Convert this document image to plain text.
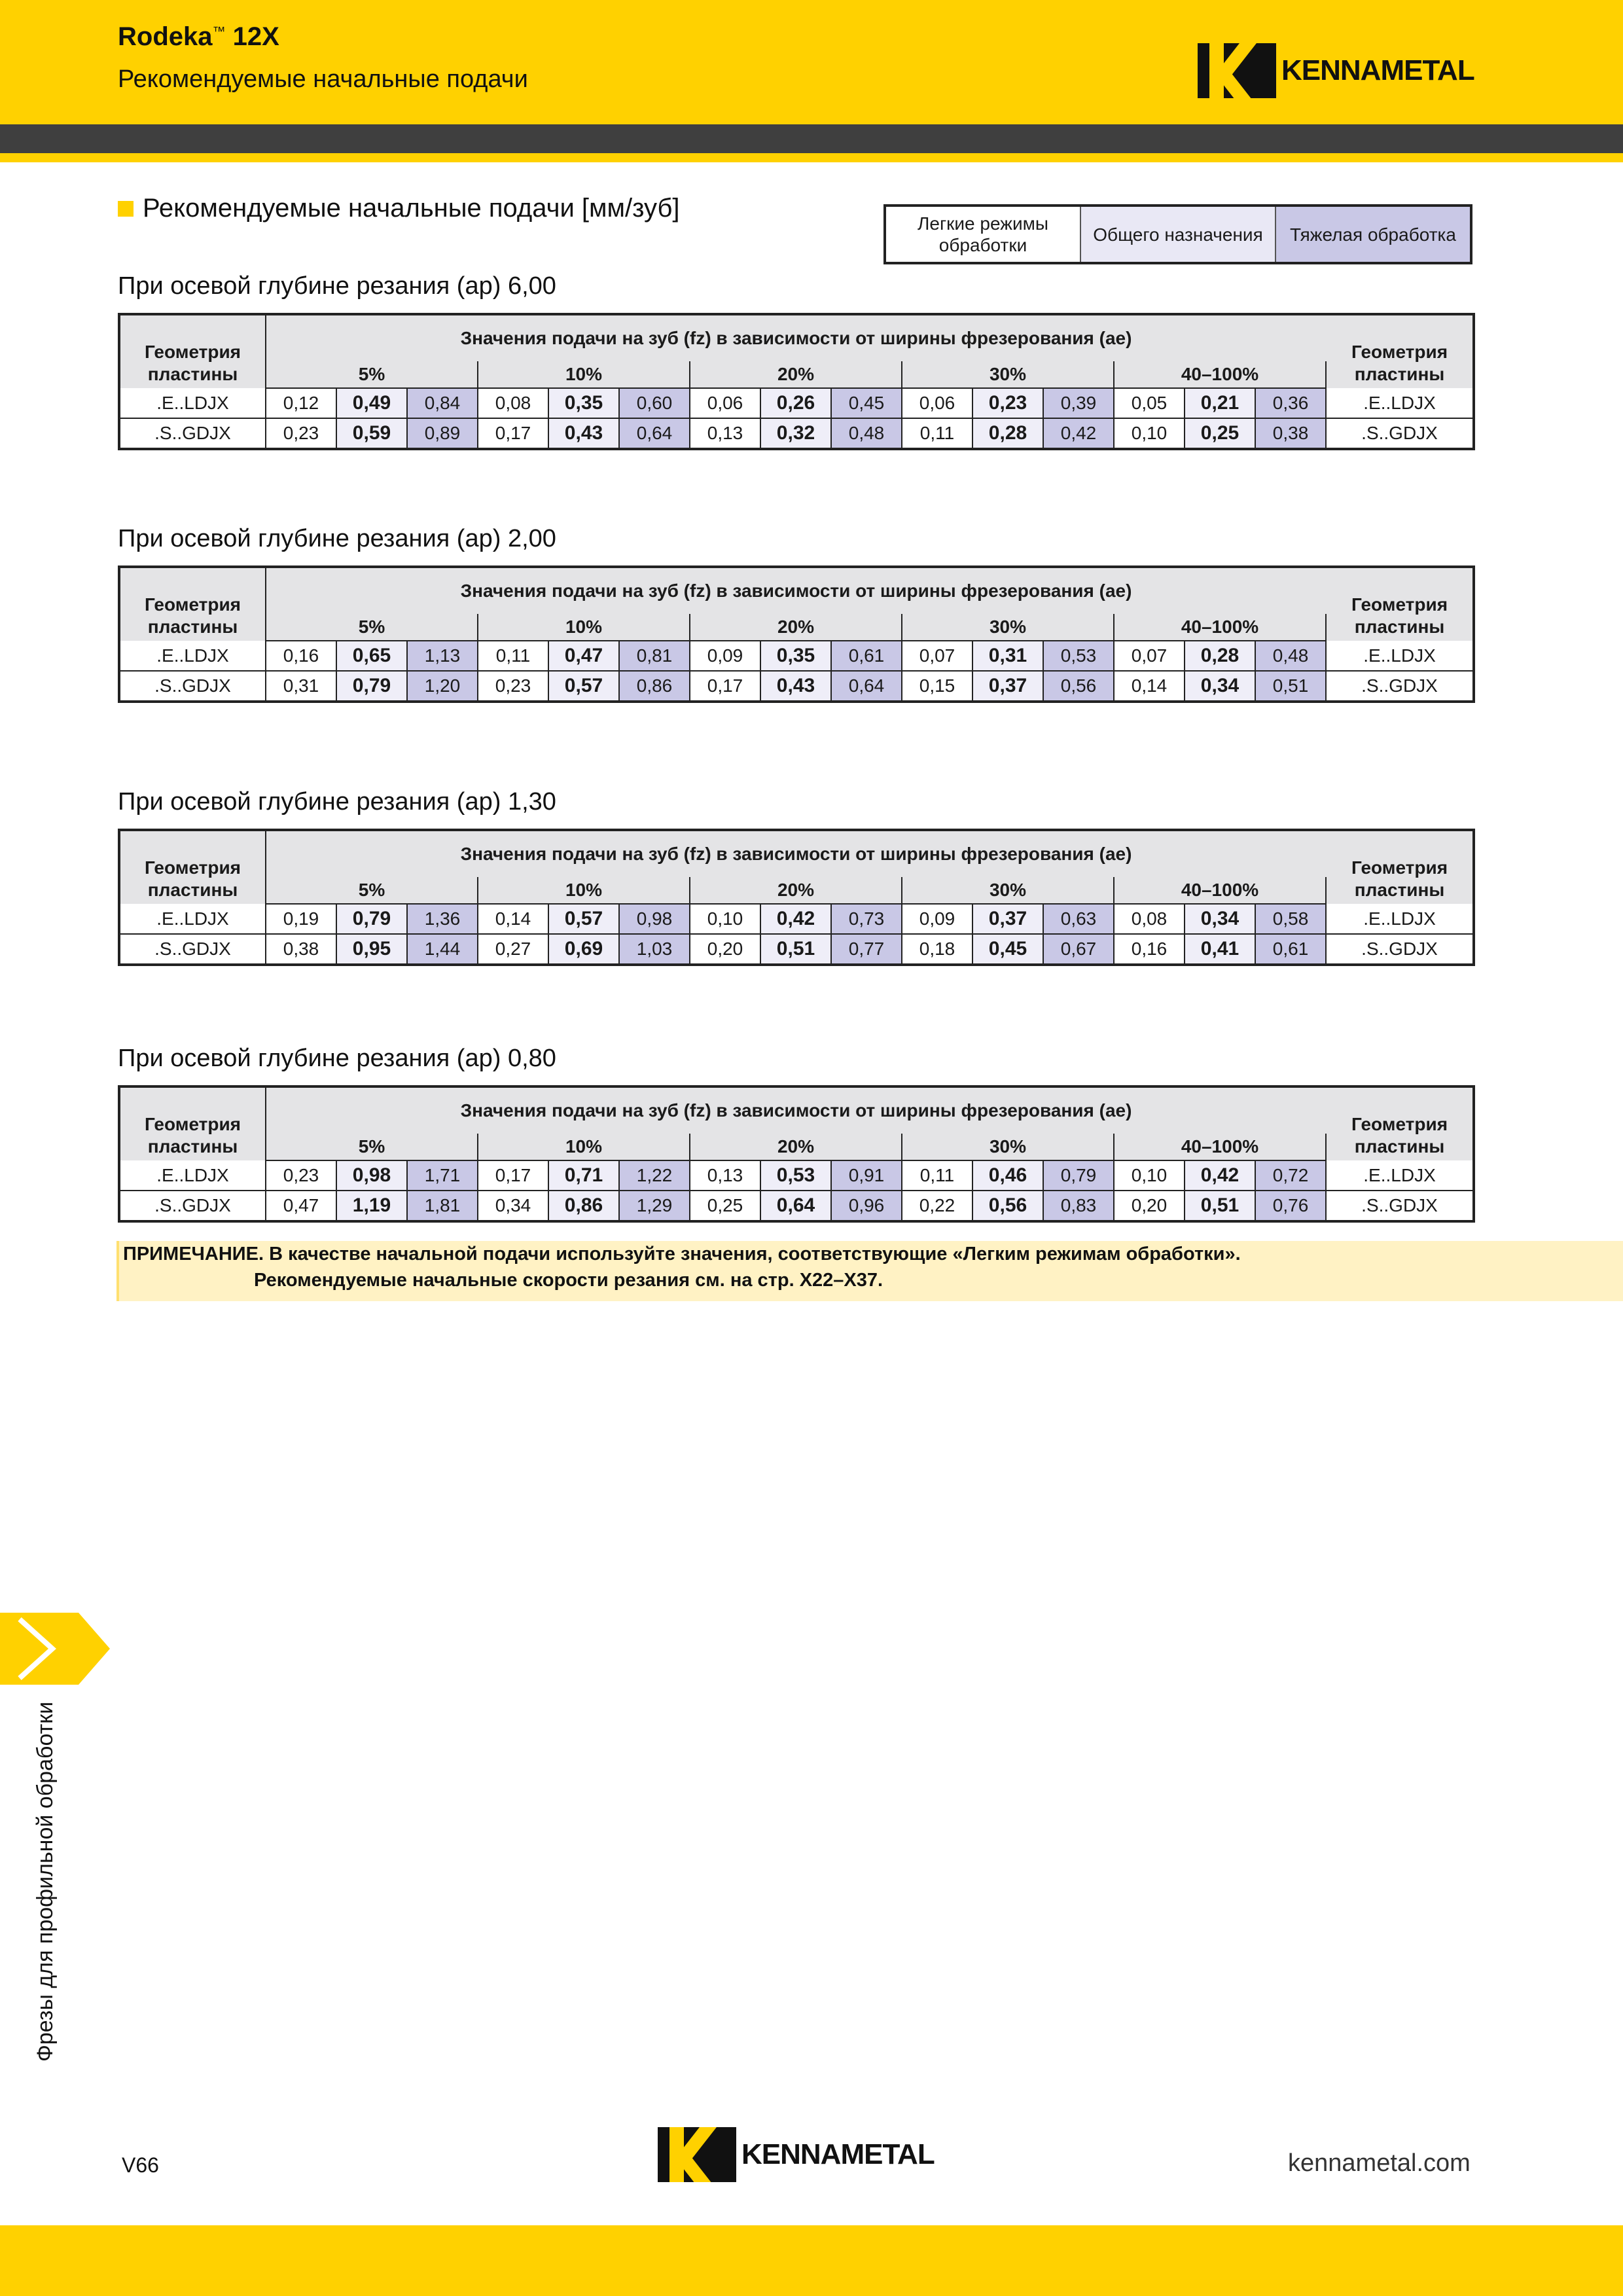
Rodeka™ 12X
Рекомендуемые начальные подачи	KENNAMETAL
Рекомендуемые начальные подачи [мм/зуб]
Легкие режимы обработки
Общего назначения	Тяжелая обработка
При осевой глубине резания (ap) 6,00
При осевой глубине резания (ap) 2,00
При осевой глубине резания (ap) 1,30
При осевой глубине резания (ap) 0,80
Геометрия пластины	Значения подачи на зуб (fz) в зависимости от ширины фрезерования (ae)															Геометрия пластины
	5%			10%			20%			30%			40–100%			
.E..LDJX	0,12	0,49	0,84	0,08	0,35	0,60	0,06	0,26	0,45	0,06	0,23	0,39	0,05	0,21	0,36	.E..LDJX
.S..GDJX	0,23	0,59	0,89	0,17	0,43	0,64	0,13	0,32	0,48	0,11	0,28	0,42	0,10	0,25	0,38	.S..GDJX
Геометрия пластины	Значения подачи на зуб (fz) в зависимости от ширины фрезерования (ae)															Геометрия пластины
	5%			10%			20%			30%			40–100%			
.E..LDJX	0,16	0,65	1,13	0,11	0,47	0,81	0,09	0,35	0,61	0,07	0,31	0,53	0,07	0,28	0,48	.E..LDJX
.S..GDJX	0,31	0,79	1,20	0,23	0,57	0,86	0,17	0,43	0,64	0,15	0,37	0,56	0,14	0,34	0,51	.S..GDJX
Геометрия пластины	Значения подачи на зуб (fz) в зависимости от ширины фрезерования (ae)															Геометрия пластины
	5%			10%			20%			30%			40–100%			
.E..LDJX	0,19	0,79	1,36	0,14	0,57	0,98	0,10	0,42	0,73	0,09	0,37	0,63	0,08	0,34	0,58	.E..LDJX
.S..GDJX	0,38	0,95	1,44	0,27	0,69	1,03	0,20	0,51	0,77	0,18	0,45	0,67	0,16	0,41	0,61	.S..GDJX
Геометрия пластины	Значения подачи на зуб (fz) в зависимости от ширины фрезерования (ae)															Геометрия пластины
	5%			10%			20%			30%			40–100%			
.E..LDJX	0,23	0,98	1,71	0,17	0,71	1,22	0,13	0,53	0,91	0,11	0,46	0,79	0,10	0,42	0,72	.E..LDJX
.S..GDJX	0,47	1,19	1,81	0,34	0,86	1,29	0,25	0,64	0,96	0,22	0,56	0,83	0,20	0,51	0,76	.S..GDJX
ПРИМЕЧАНИЕ. В качестве начальной подачи используйте значения, соответствующие «Легким режимам обработки».
Рекомендуемые начальные скорости резания см. на стр. X22–X37.
Фрезы для профильной обработки
V66	KENNAMETAL	kennametal.com
